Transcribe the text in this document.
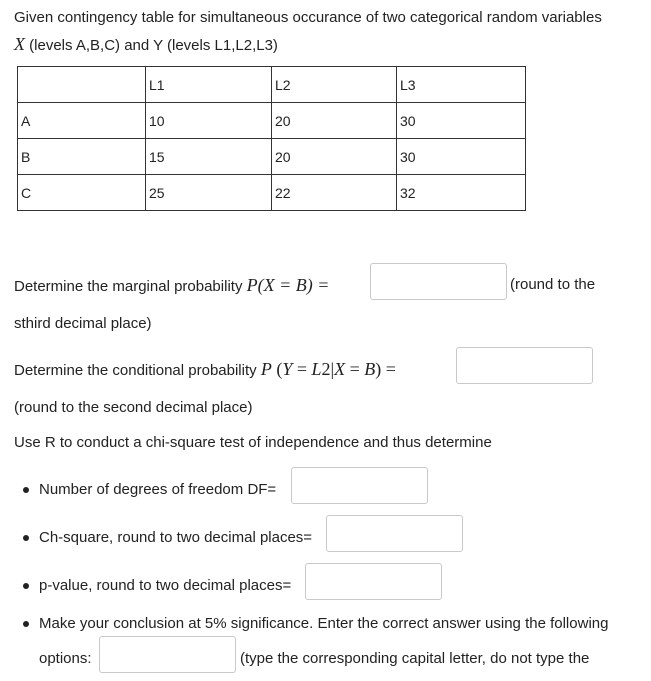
Given contingency table for simultaneous occurance of two categorical random variables
X (levels A,B,C) and Y (levels L1,L2,L3)
	L1	L2	L3
A	10	20	30
B	15	20	30
C	25	22	32
Determine the marginal probability P(X = B) =	(round to the
sthird decimal place)
Determine the conditional probability P (Y = L2|X = B) =
(round to the second decimal place)
Use R to conduct a chi-square test of independence and thus determine
Number of degrees of freedom DF=
Ch-square, round to two decimal places=
p-value, round to two decimal places=
Make your conclusion at 5% significance. Enter the correct answer using the following
options:	(type the corresponding capital letter, do not type the
